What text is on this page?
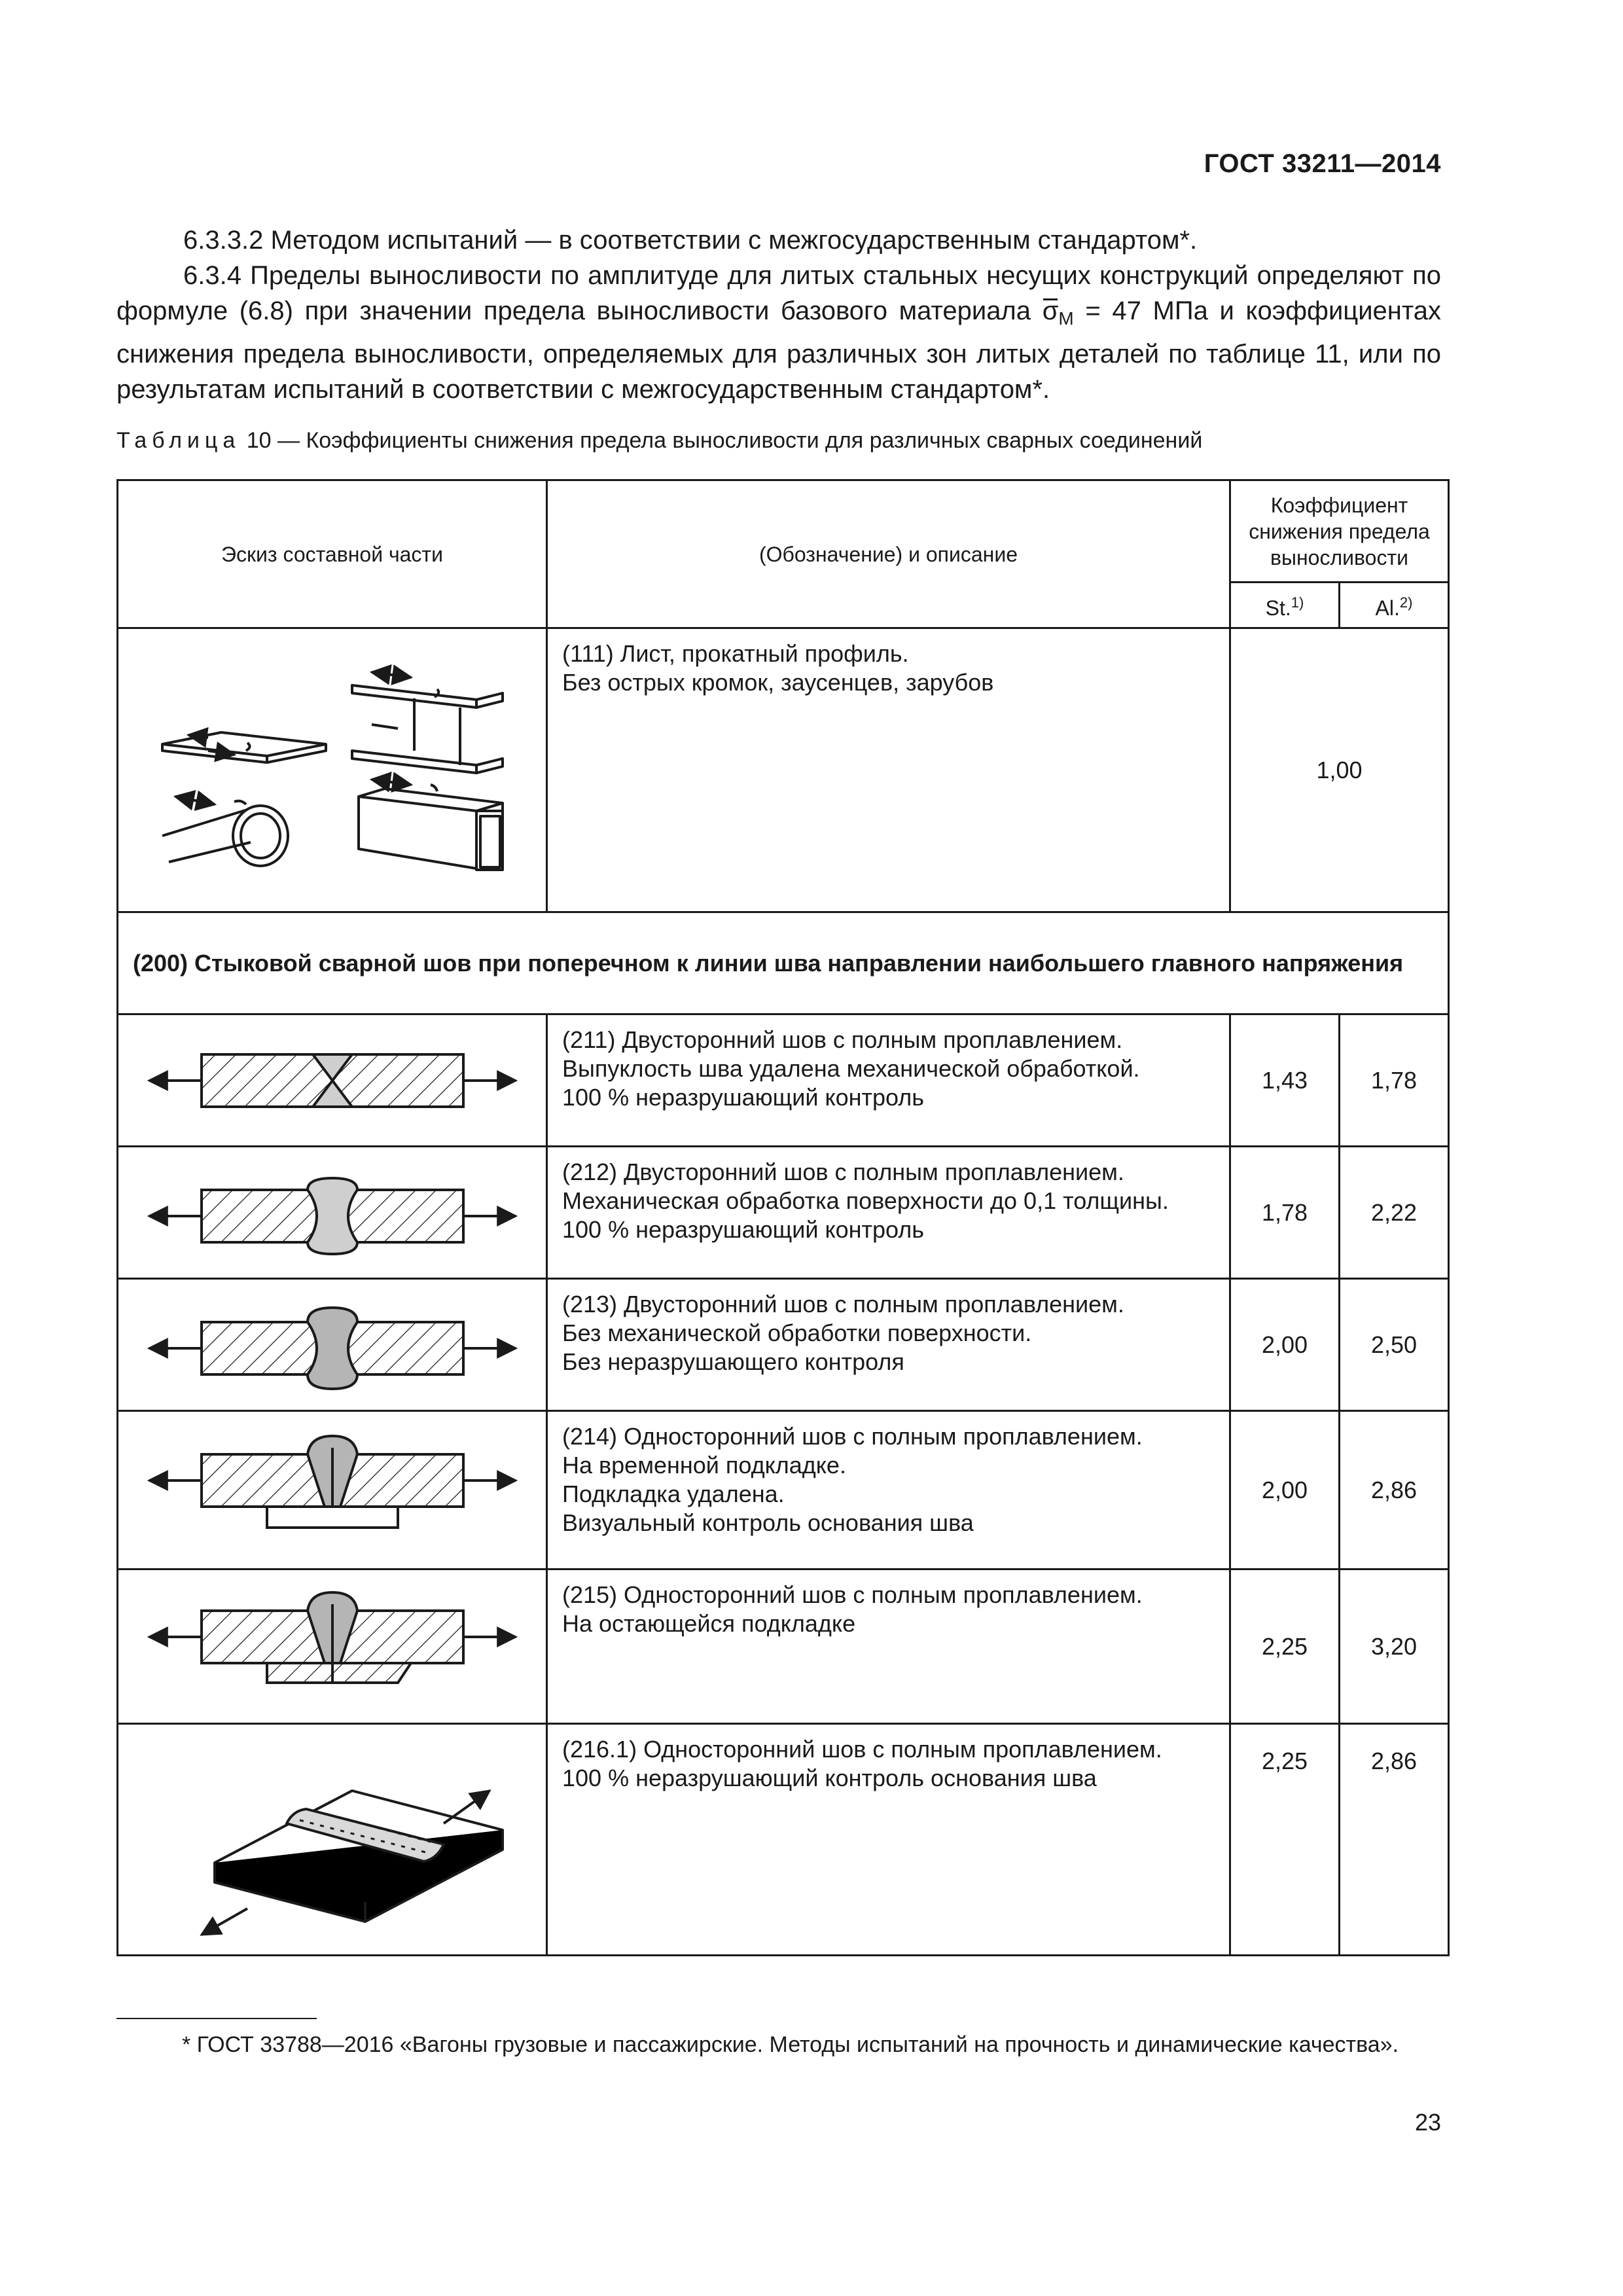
ГОСТ 33211—2014
6.3.3.2 Методом испытаний — в соответствии с межгосударственным стандартом*.
6.3.4 Пределы выносливости по амплитуде для литых стальных несущих конструкций определяют по формуле (6.8) при значении предела выносливости базового материала
$\sigma_M = 47$ МПа и коэффициентах снижения предела выносливости, определяемых для различных зон литых деталей по таблице 11, или по результатам испытаний в соответствии с межгосударственным стандартом*.
Таблица 10 — Коэффициенты снижения предела выносливости для различных сварных соединений
Эскиз составной части	(Обозначение) и описание	Коэффициент снижения предела выносливости	
		St.$^{1)}$	Al.$^{2)}$

(111) Лист, прокатный профиль.
Без острых кромок, заусенцев, зарубов	1,00	
(200) Стыковой сварной шов при поперечном к линии шва направлении наибольшего главного напряжения			

(211) Двусторонний шов с полным проплавлением.
Выпуклость шва удалена механической обработкой.
100 % неразрушающий контроль	1,43	1,78

(212) Двусторонний шов с полным проплавлением.
Механическая обработка поверхности до 0,1 толщины.
100 % неразрушающий контроль	1,78	2,22

(213) Двусторонний шов с полным проплавлением.
Без механической обработки поверхности.
Без неразрушающего контроля	2,00	2,50

(214) Односторонний шов с полным проплавлением.
На временной подкладке.
Подкладка удалена.
Визуальный контроль основания шва	2,00	2,86

(215) Односторонний шов с полным проплавлением.
На остающейся подкладке	2,25	3,20

(216.1) Односторонний шов с полным проплавлением.
100 % неразрушающий контроль основания шва	2,25	2,86
* ГОСТ 33788—2016 «Вагоны грузовые и пассажирские. Методы испытаний на прочность и динамические качества».
23
